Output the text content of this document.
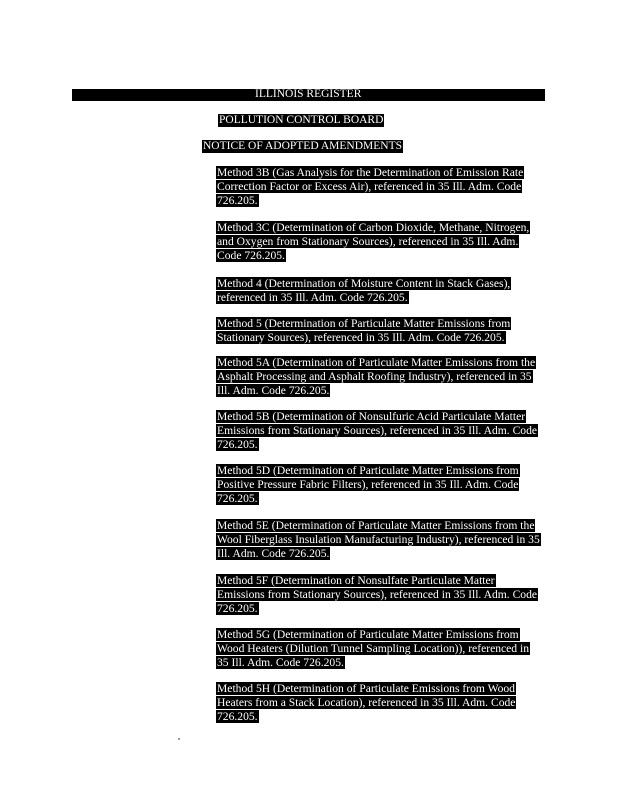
ILLINOIS REGISTER
POLLUTION CONTROL BOARD
NOTICE OF ADOPTED AMENDMENTS
Method 3B (Gas Analysis for the Determination of Emission Rate Correction Factor or Excess Air), referenced in 35 Ill. Adm. Code 726.205.
Method 3C (Determination of Carbon Dioxide, Methane, Nitrogen, and Oxygen from Stationary Sources), referenced in 35 Ill. Adm. Code 726.205.
Method 4 (Determination of Moisture Content in Stack Gases), referenced in 35 Ill. Adm. Code 726.205.
Method 5 (Determination of Particulate Matter Emissions from Stationary Sources), referenced in 35 Ill. Adm. Code 726.205.
Method 5A (Determination of Particulate Matter Emissions from the Asphalt Processing and Asphalt Roofing Industry), referenced in 35 Ill. Adm. Code 726.205.
Method 5B (Determination of Nonsulfuric Acid Particulate Matter Emissions from Stationary Sources), referenced in 35 Ill. Adm. Code 726.205.
Method 5D (Determination of Particulate Matter Emissions from Positive Pressure Fabric Filters), referenced in 35 Ill. Adm. Code 726.205.
Method 5E (Determination of Particulate Matter Emissions from the Wool Fiberglass Insulation Manufacturing Industry), referenced in 35 Ill. Adm. Code 726.205.
Method 5F (Determination of Nonsulfate Particulate Matter Emissions from Stationary Sources), referenced in 35 Ill. Adm. Code 726.205.
Method 5G (Determination of Particulate Matter Emissions from Wood Heaters (Dilution Tunnel Sampling Location)), referenced in 35 Ill. Adm. Code 726.205.
Method 5H (Determination of Particulate Emissions from Wood Heaters from a Stack Location), referenced in 35 Ill. Adm. Code 726.205.
